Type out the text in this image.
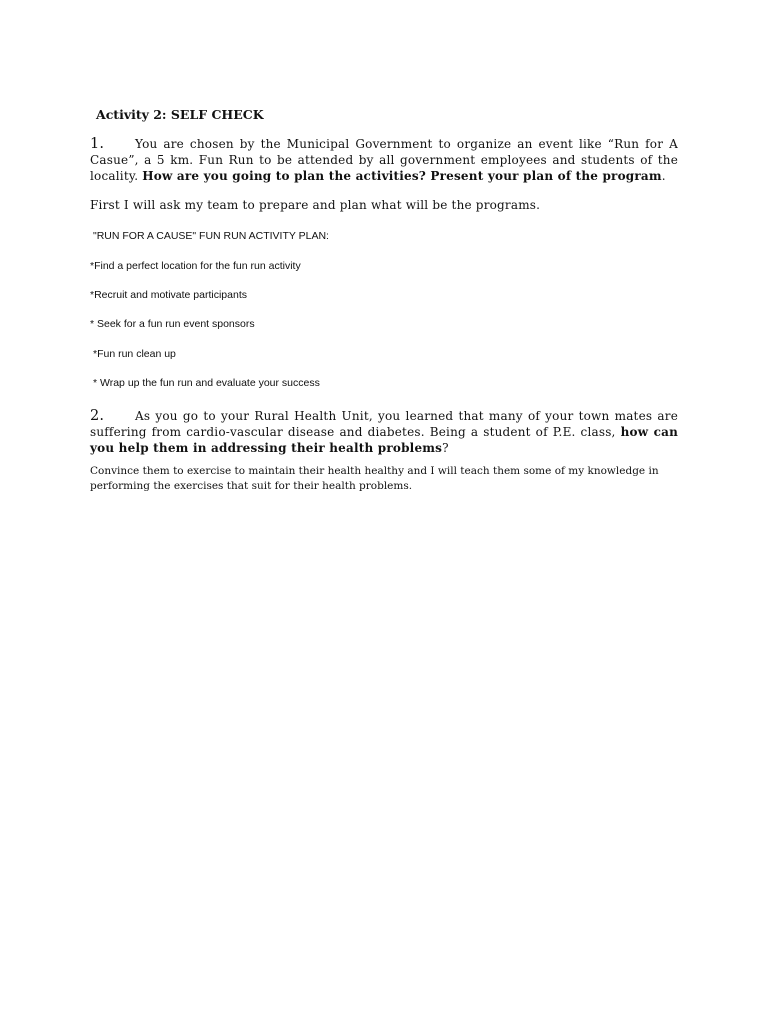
Activity 2: SELF CHECK
1.	You are chosen by the Municipal Government to organize an event like “Run for A Casue”, a 5 km. Fun Run to be attended by all government employees and students of the locality. How are you going to plan the activities? Present your plan of the program.
First I will ask my team to prepare and plan what will be the programs.
"RUN FOR A CAUSE" FUN RUN ACTIVITY PLAN:
*Find a perfect location for the fun run activity
*Recruit and motivate participants
* Seek for a fun run event sponsors
*Fun run clean up
* Wrap up the fun run and evaluate your success
2.	As you go to your Rural Health Unit, you learned that many of your town mates are suffering from cardio-vascular disease and diabetes. Being a student of P.E. class, how can you help them in addressing their health problems?
Convince them to exercise to maintain their health healthy and I will teach them some of my knowledge in performing the exercises that suit for their health problems.
